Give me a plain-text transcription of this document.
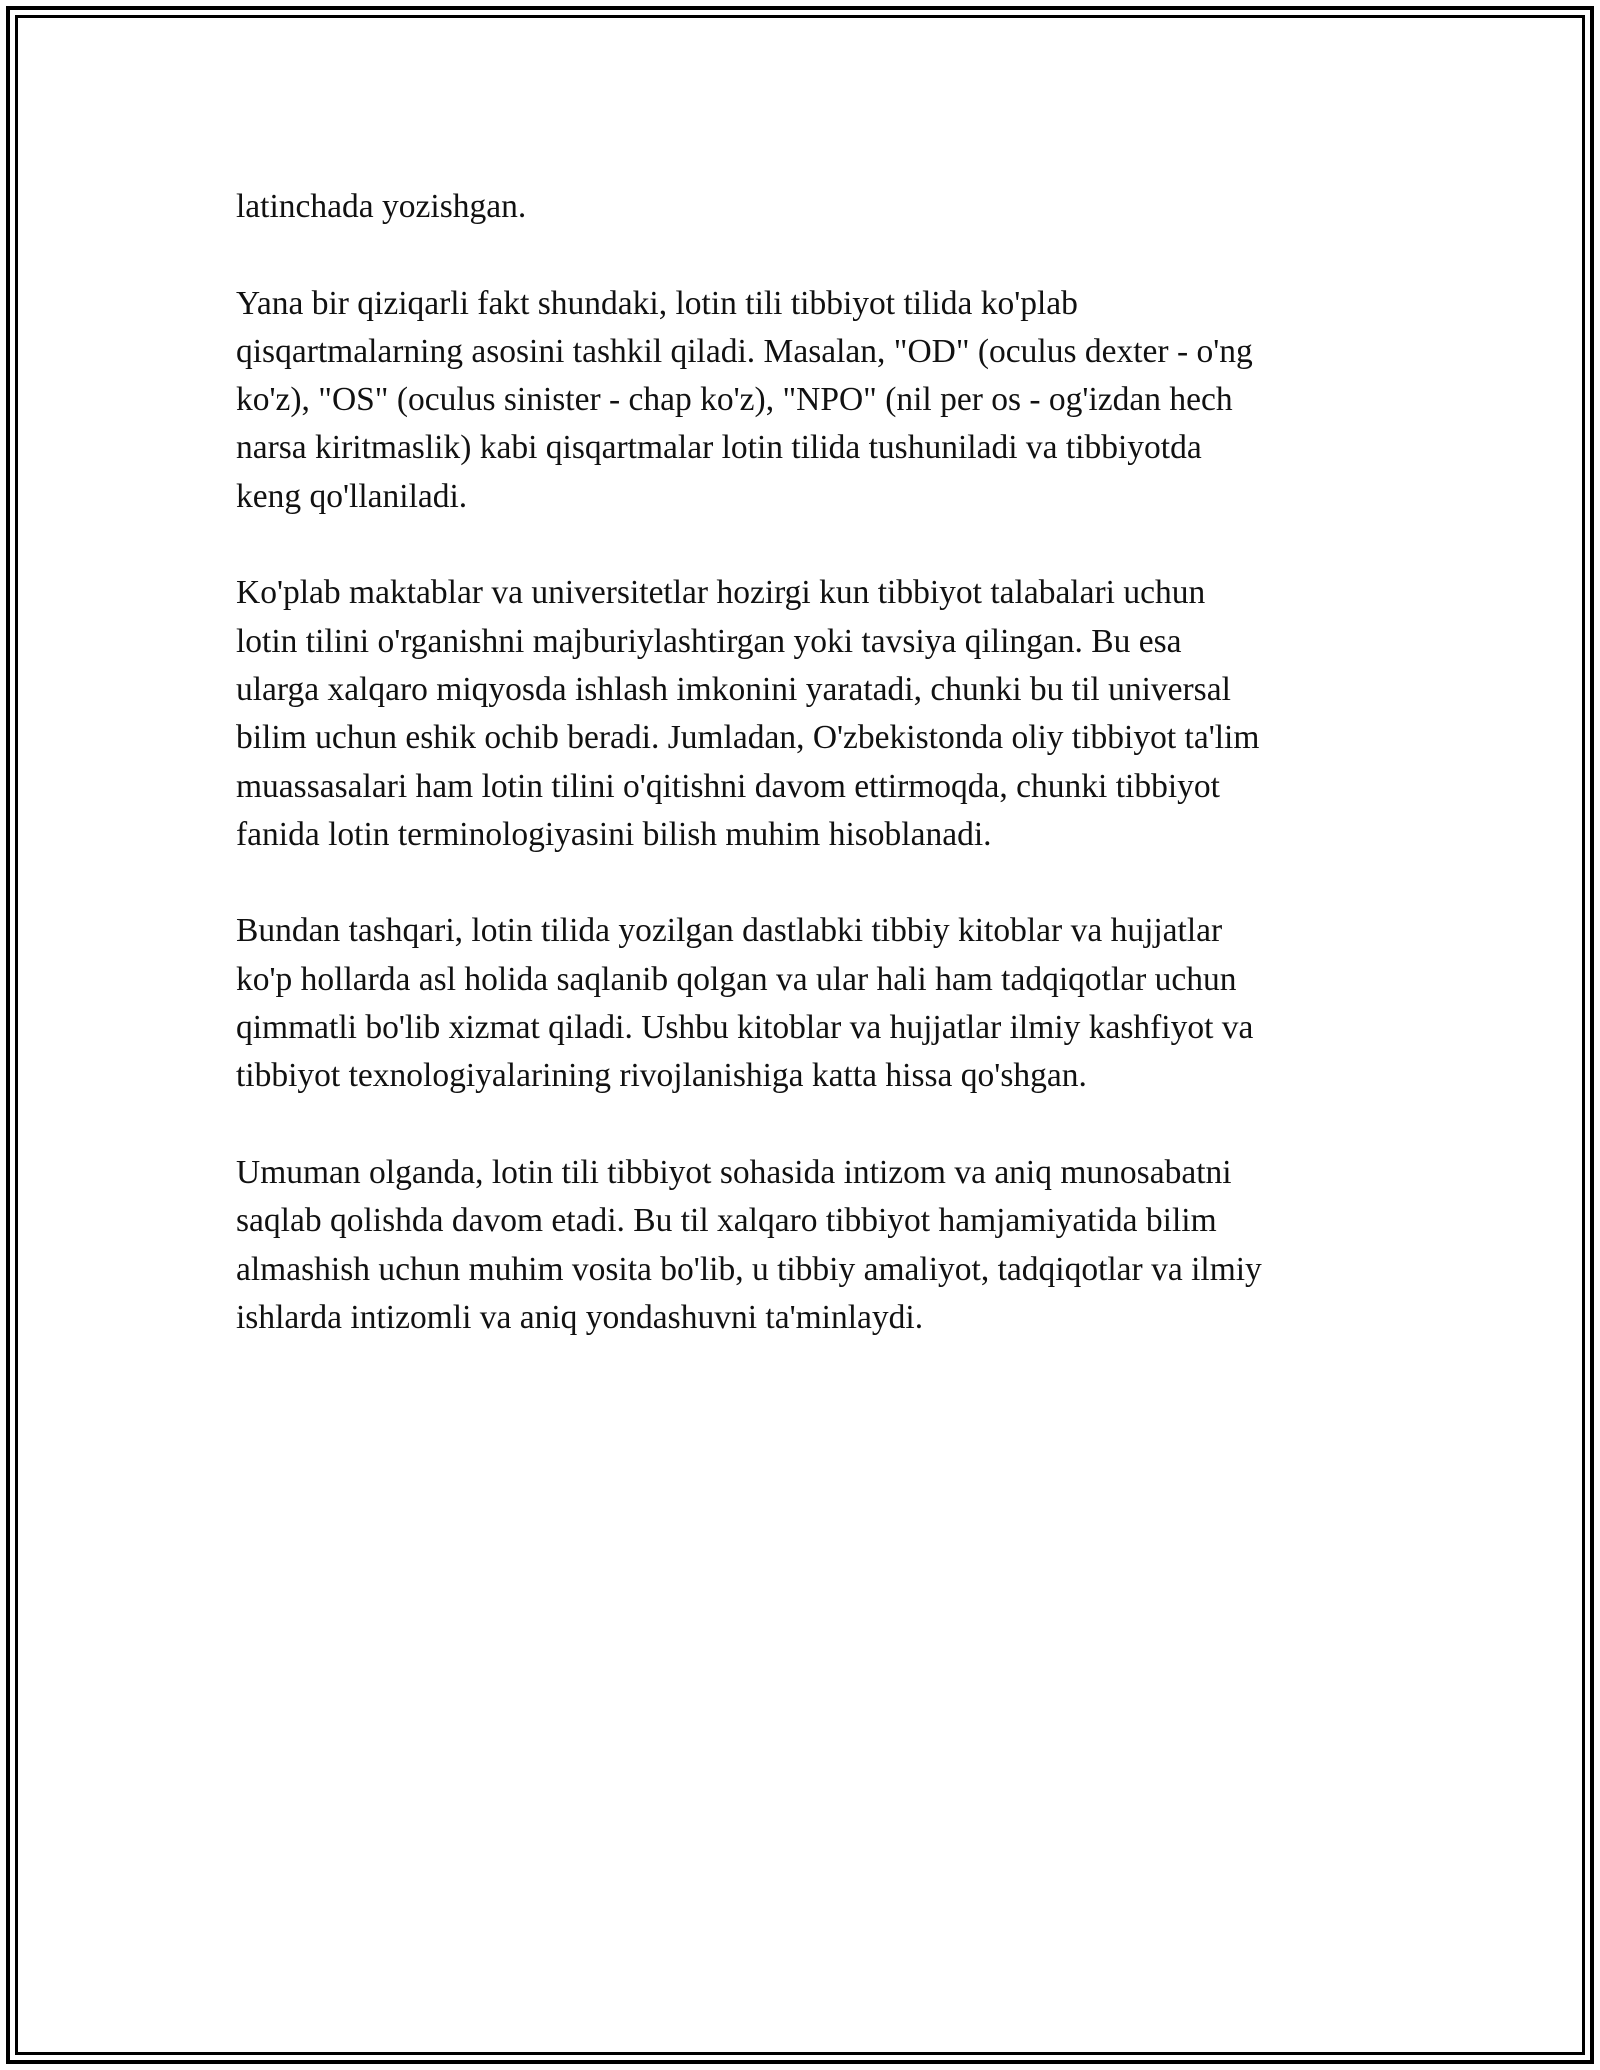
latinchada yozishgan.

Yana bir qiziqarli fakt shundaki, lotin tili tibbiyot tilida ko'plab
qisqartmalarning asosini tashkil qiladi. Masalan, "OD" (oculus dexter - o'ng
ko'z), "OS" (oculus sinister - chap ko'z), "NPO" (nil per os - og'izdan hech
narsa kiritmaslik) kabi qisqartmalar lotin tilida tushuniladi va tibbiyotda
keng qo'llaniladi.

Ko'plab maktablar va universitetlar hozirgi kun tibbiyot talabalari uchun
lotin tilini o'rganishni majburiylashtirgan yoki tavsiya qilingan. Bu esa
ularga xalqaro miqyosda ishlash imkonini yaratadi, chunki bu til universal
bilim uchun eshik ochib beradi. Jumladan, O'zbekistonda oliy tibbiyot ta'lim
muassasalari ham lotin tilini o'qitishni davom ettirmoqda, chunki tibbiyot
fanida lotin terminologiyasini bilish muhim hisoblanadi.

Bundan tashqari, lotin tilida yozilgan dastlabki tibbiy kitoblar va hujjatlar
ko'p hollarda asl holida saqlanib qolgan va ular hali ham tadqiqotlar uchun
qimmatli bo'lib xizmat qiladi. Ushbu kitoblar va hujjatlar ilmiy kashfiyot va
tibbiyot texnologiyalarining rivojlanishiga katta hissa qo'shgan.

Umuman olganda, lotin tili tibbiyot sohasida intizom va aniq munosabatni
saqlab qolishda davom etadi. Bu til xalqaro tibbiyot hamjamiyatida bilim
almashish uchun muhim vosita bo'lib, u tibbiy amaliyot, tadqiqotlar va ilmiy
ishlarda intizomli va aniq yondashuvni ta'minlaydi.
